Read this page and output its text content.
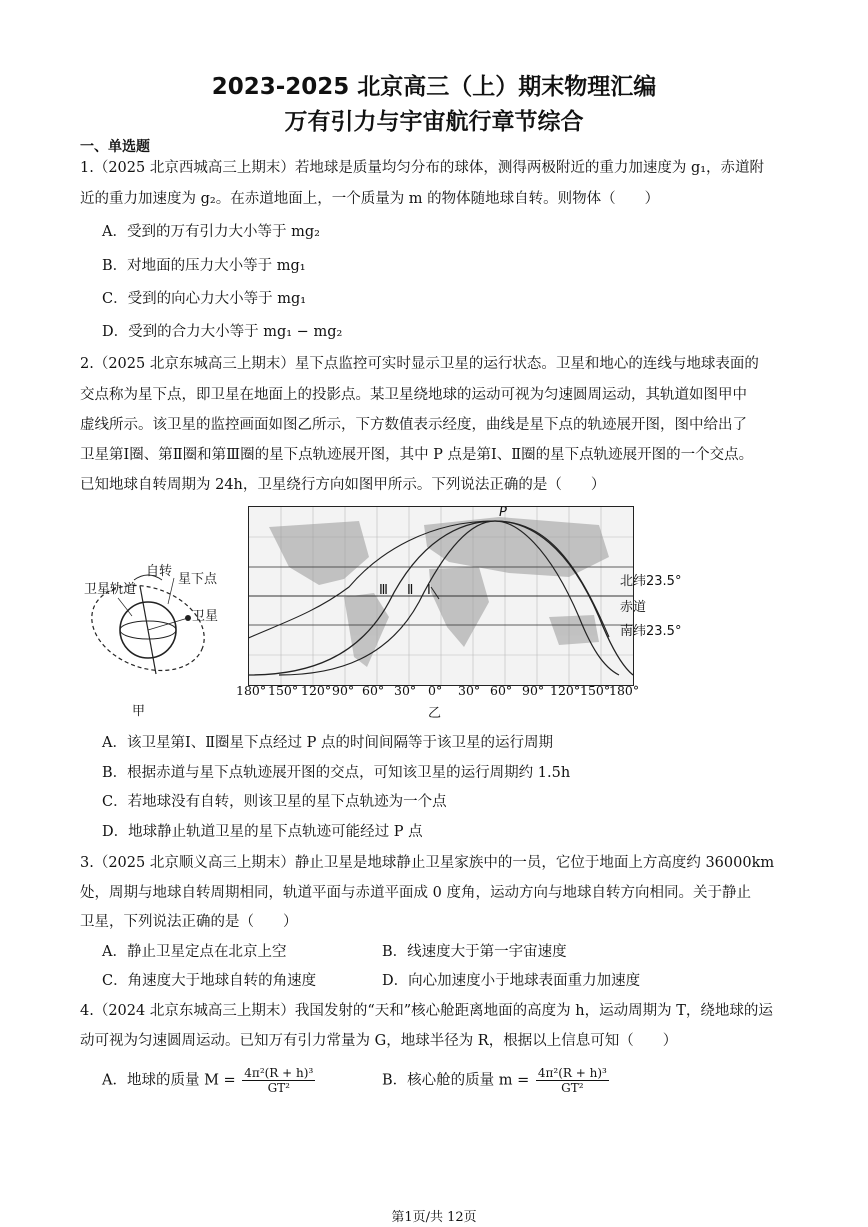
2023-2025 北京高三（上）期末物理汇编
万有引力与宇宙航行章节综合
一、单选题
1.（2025 北京西城高三上期末）若地球是质量均匀分布的球体，测得两极附近的重力加速度为 g₁，赤道附
近的重力加速度为 g₂。在赤道地面上，一个质量为 m 的物体随地球自转。则物体（　　）
A．受到的万有引力大小等于 mg₂
B．对地面的压力大小等于 mg₁
C．受到的向心力大小等于 mg₁
D．受到的合力大小等于 mg₁ − mg₂
2.（2025 北京东城高三上期末）星下点监控可实时显示卫星的运行状态。卫星和地心的连线与地球表面的
交点称为星下点，即卫星在地面上的投影点。某卫星绕地球的运动可视为匀速圆周运动，其轨道如图甲中
虚线所示。该卫星的监控画面如图乙所示，下方数值表示经度，曲线是星下点的轨迹展开图，图中给出了
卫星第Ⅰ圈、第Ⅱ圈和第Ⅲ圈的星下点轨迹展开图，其中 P 点是第Ⅰ、Ⅱ圈的星下点轨迹展开图的一个交点。
已知地球自转周期为 24h，卫星绕行方向如图甲所示。下列说法正确的是（　　）
自转
星下点
卫星轨道
卫星
甲
P
Ⅲ Ⅱ Ⅰ
北纬23.5°
赤道
南纬23.5°
180° 150° 120° 90° 60° 30° 0° 30° 60° 90° 120° 150°
180°
乙
A．该卫星第Ⅰ、Ⅱ圈星下点经过 P 点的时间间隔等于该卫星的运行周期
B．根据赤道与星下点轨迹展开图的交点，可知该卫星的运行周期约 1.5h
C．若地球没有自转，则该卫星的星下点轨迹为一个点
D．地球静止轨道卫星的星下点轨迹可能经过 P 点
3.（2025 北京顺义高三上期末）静止卫星是地球静止卫星家族中的一员，它位于地面上方高度约 36000km
处，周期与地球自转周期相同，轨道平面与赤道平面成 0 度角，运动方向与地球自转方向相同。关于静止
卫星，下列说法正确的是（　　）
A．静止卫星定点在北京上空	B．线速度大于第一宇宙速度
C．角速度大于地球自转的角速度	D．向心加速度小于地球表面重力加速度
4.（2024 北京东城高三上期末）我国发射的“天和”核心舱距离地面的高度为 h，运动周期为 T，绕地球的运
动可视为匀速圆周运动。已知万有引力常量为 G，地球半径为 R，根据以上信息可知（　　）
A．地球的质量 $M = \frac{\text{4π²(R + h)³}}{\text{GT²}}$	B．核心舱的质量 $m = \frac{\text{4π²(R + h)³}}{\text{GT²}}$
第1页/共 12页
